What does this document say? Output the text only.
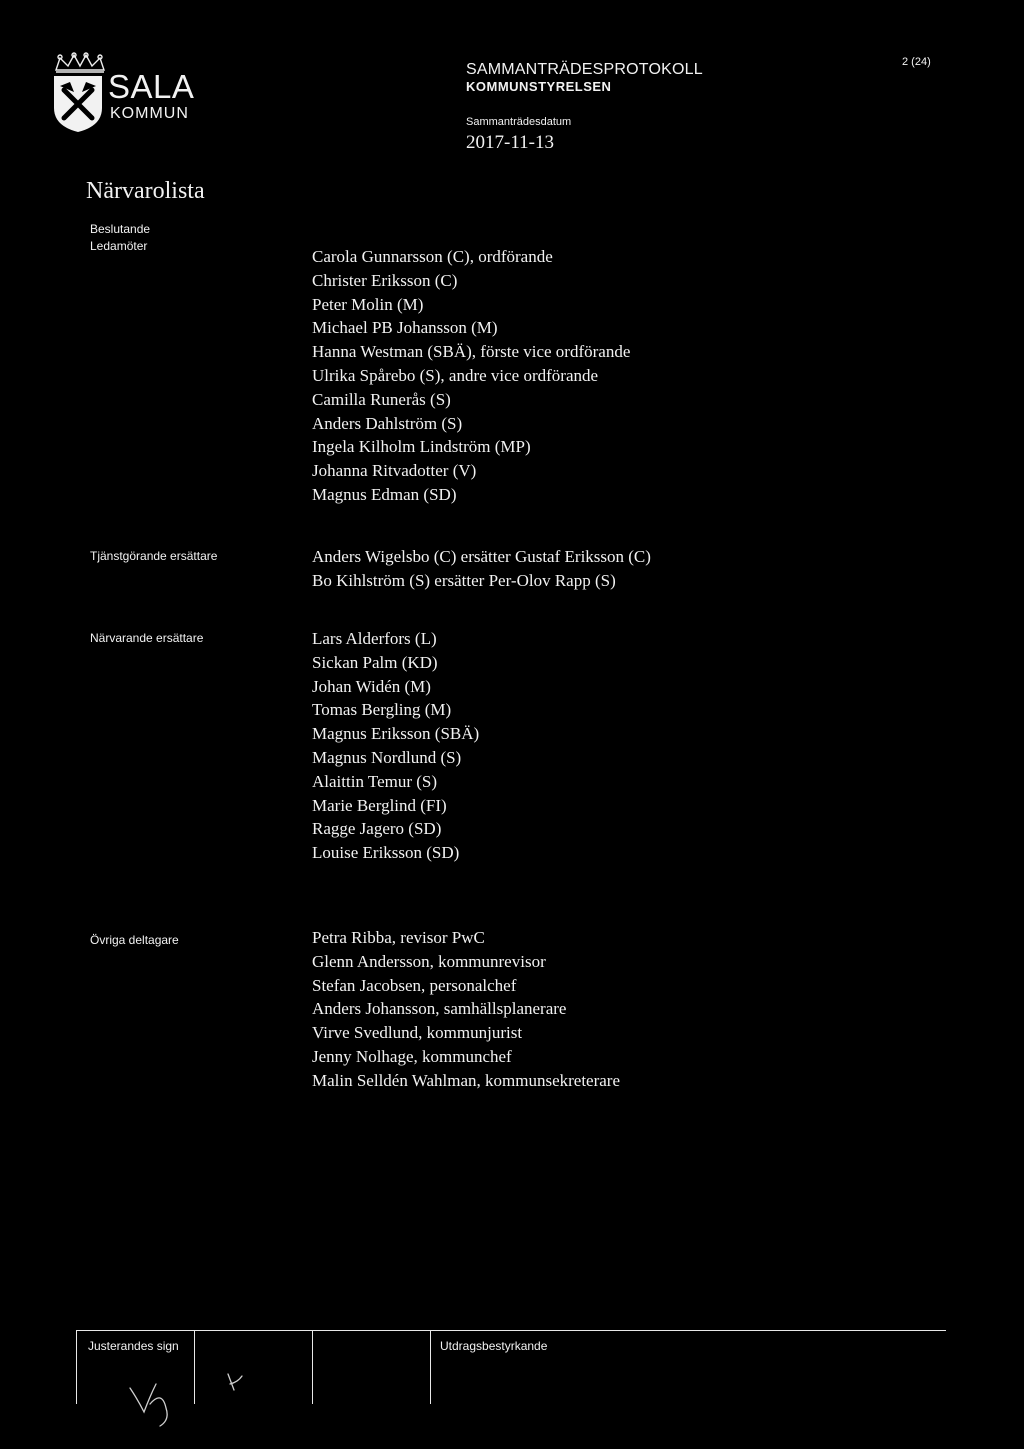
SALA
KOMMUN
SAMMANTRÄDESPROTOKOLL
KOMMUNSTYRELSEN
2 (24)
Sammanträdesdatum
2017-11-13
Närvarolista
Beslutande
Ledamöter
Carola Gunnarsson (C), ordförande
Christer Eriksson (C)
Peter Molin (M)
Michael PB Johansson (M)
Hanna Westman (SBÄ), förste vice ordförande
Ulrika Spårebo (S), andre vice ordförande
Camilla Runerås (S)
Anders Dahlström (S)
Ingela Kilholm Lindström (MP)
Johanna Ritvadotter (V)
Magnus Edman (SD)
Tjänstgörande ersättare	Anders Wigelsbo (C) ersätter Gustaf Eriksson (C)
Bo Kihlström (S) ersätter Per-Olov Rapp (S)
Närvarande ersättare	Lars Alderfors (L)
Sickan Palm (KD)
Johan Widén (M)
Tomas Bergling (M)
Magnus Eriksson (SBÄ)
Magnus Nordlund (S)
Alaittin Temur (S)
Marie Berglind (FI)
Ragge Jagero (SD)
Louise Eriksson (SD)
Övriga deltagare	Petra Ribba, revisor PwC
Glenn Andersson, kommunrevisor
Stefan Jacobsen, personalchef
Anders Johansson, samhällsplanerare
Virve Svedlund, kommunjurist
Jenny Nolhage, kommunchef
Malin Selldén Wahlman, kommunsekreterare
Justerandes sign	Utdragsbestyrkande
